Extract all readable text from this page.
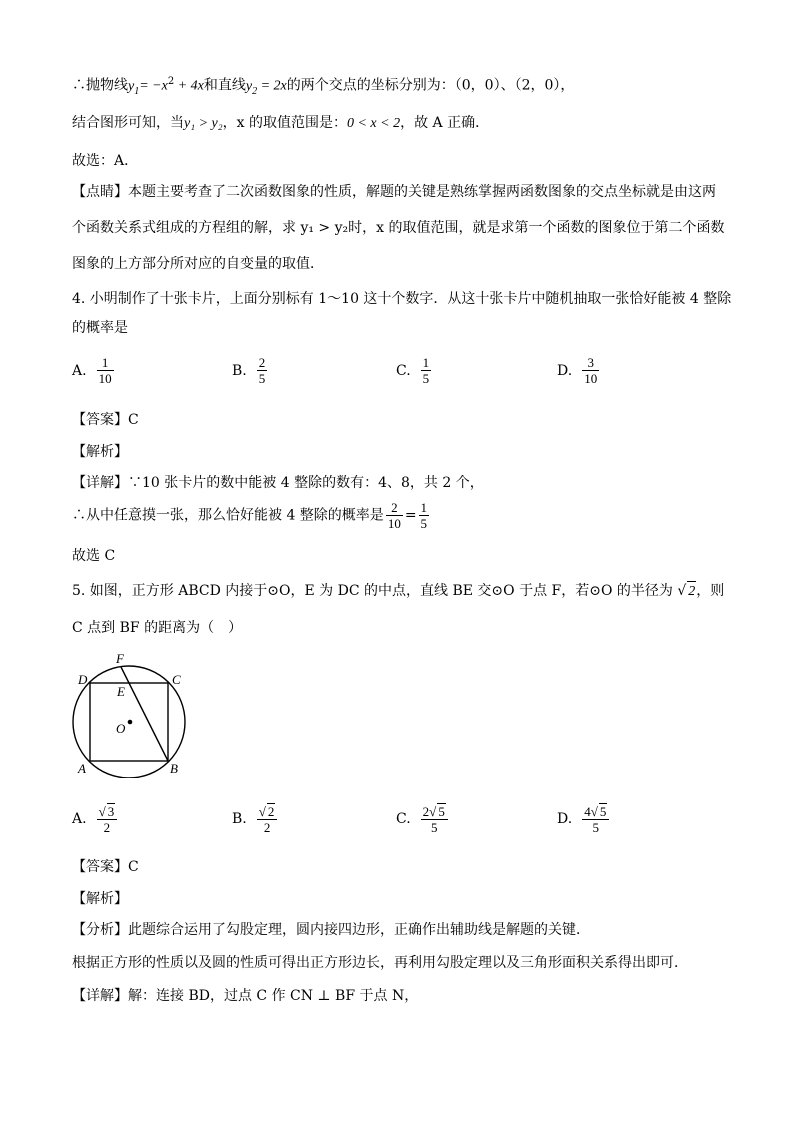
∴抛物线$y_1= -x^2 + 4x$和直线$y_2 = 2x$的两个交点的坐标分别为：（0，0）、（2，0），
结合图形可知，当y₁ > y₂，x 的取值范围是：0 < x < 2，故 A 正确．
故选：A．
【点睛】本题主要考查了二次函数图象的性质，解题的关键是熟练掌握两函数图象的交点坐标就是由这两
个函数关系式组成的方程组的解，求 y₁ > y₂时，x 的取值范围，就是求第一个函数的图象位于第二个函数
图象的上方部分所对应的自变量的取值．
4. 小明制作了十张卡片，上面分别标有 1～10 这十个数字．从这十张卡片中随机抽取一张恰好能被 4 整除
的概率是
A. $\frac{1}{10}$	B. $\frac{2}{5}$	C. $\frac{1}{5}$	D. $\frac{3}{10}$
【答案】C
【解析】
【详解】∵10 张卡片的数中能被 4 整除的数有：4、8，共 2 个，
∴从中任意摸一张，那么恰好能被 4 整除的概率是 $\frac{2}{10} = \frac{1}{5}$
故选 C
5. 如图，正方形 ABCD 内接于⊙O，E 为 DC 的中点，直线 BE 交⊙O 于点 F，若⊙O 的半径为 √ 2，则
C 点到 BF 的距离为（　）
D
F
C
E
O
A	B
A. $\frac{√ 3}{2}$	B. $\frac{√ 2}{2}$	C. $\frac{2√ 5}{5}$	D. $\frac{4√ 5}{5}$
【答案】C
【解析】
【分析】此题综合运用了勾股定理，圆内接四边形，正确作出辅助线是解题的关键．
根据正方形的性质以及圆的性质可得出正方形边长，再利用勾股定理以及三角形面积关系得出即可．
【详解】解：连接 BD，过点 C 作 CN ⊥ BF 于点 N，
